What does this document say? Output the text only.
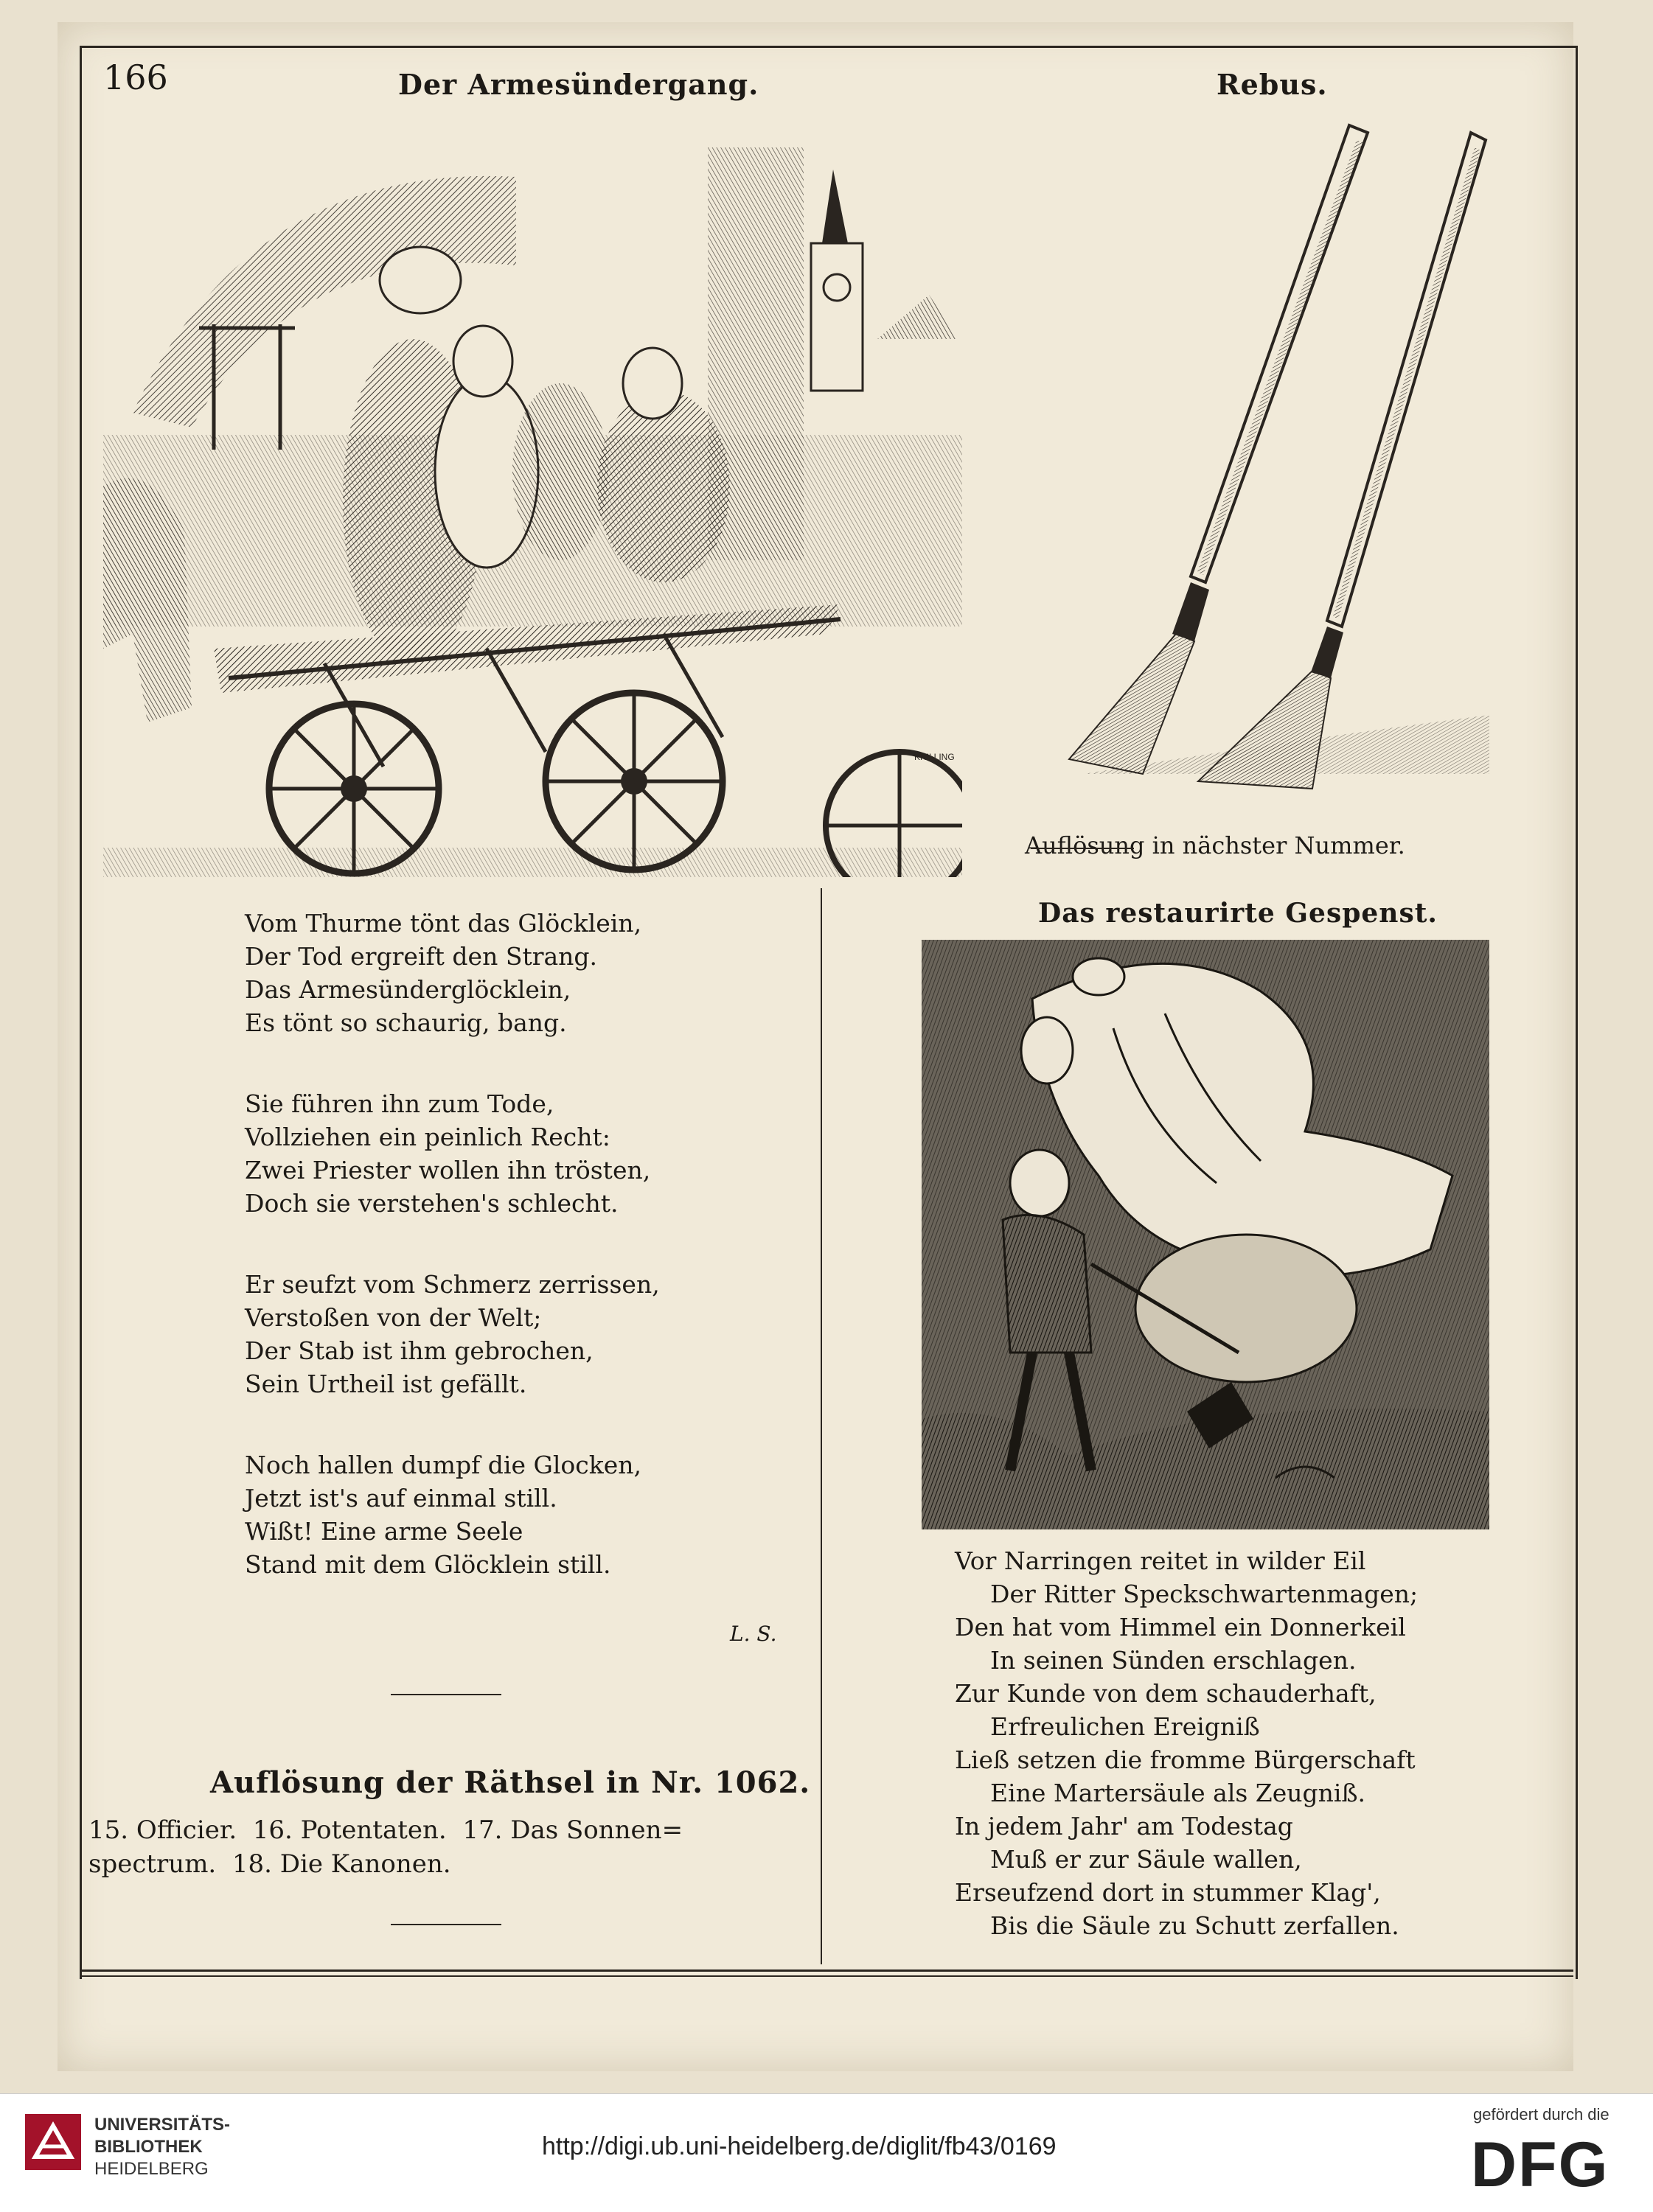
166	Der Armesündergang.	Rebus.
KNILLING
Auflösung in nächster Nummer.
Das restaurirte Gespenst.
Vom Thurme tönt das Glöcklein,
Der Tod ergreift den Strang.
Das Armesünderglöcklein,
Es tönt so schaurig, bang.
Sie führen ihn zum Tode,
Vollziehen ein peinlich Recht:
Zwei Priester wollen ihn trösten,
Doch sie verstehen's schlecht.
Er seufzt vom Schmerz zerrissen,
Verstoßen von der Welt;
Der Stab ist ihm gebrochen,
Sein Urtheil ist gefällt.
Noch hallen dumpf die Glocken,
Jetzt ist's auf einmal still.
Wißt! Eine arme Seele
Stand mit dem Glöcklein still.
L. S.
Auflösung der Räthsel in Nr. 1062.
15. Officier.  16. Potentaten.  17. Das Sonnen=
spectrum.  18. Die Kanonen.
Vor Narringen reitet in wilder Eil
Der Ritter Speckschwartenmagen;
Den hat vom Himmel ein Donnerkeil
In seinen Sünden erschlagen.
Zur Kunde von dem schauderhaft,
Erfreulichen Ereigniß
Ließ setzen die fromme Bürgerschaft
Eine Martersäule als Zeugniß.
In jedem Jahr' am Todestag
Muß er zur Säule wallen,
Erseufzend dort in stummer Klag',
Bis die Säule zu Schutt zerfallen.
UNIVERSITÄTS-
BIBLIOTHEK
HEIDELBERG
http://digi.ub.uni-heidelberg.de/diglit/fb43/0169
gefördert durch die
DFG
